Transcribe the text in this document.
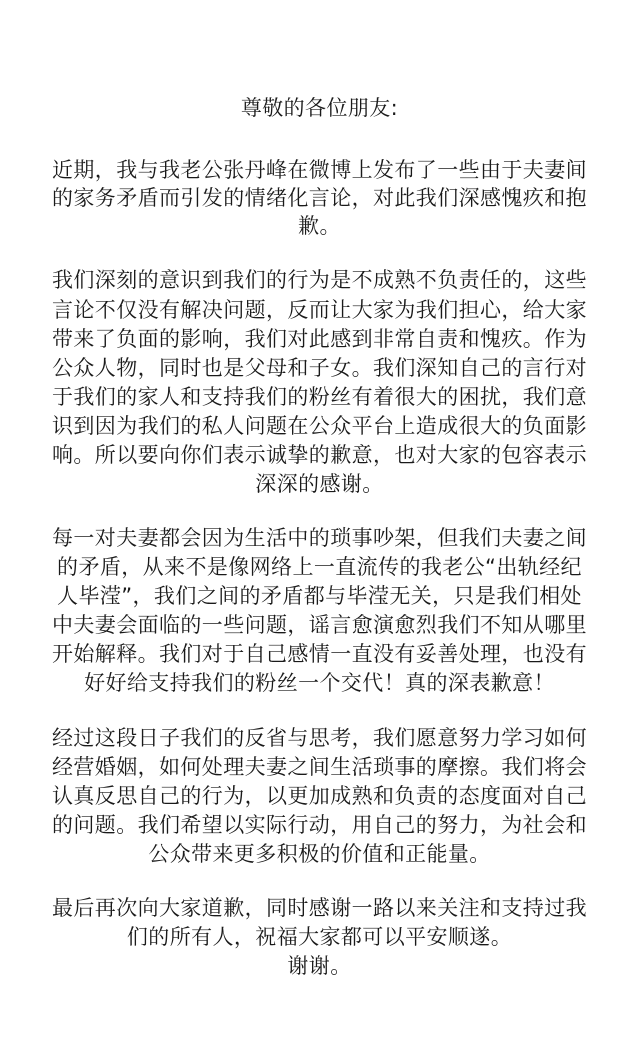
尊敬的各位朋友:
近期，我与我老公张丹峰在微博上发布了一些由于夫妻间
的家务矛盾而引发的情绪化言论，对此我们深感愧疚和抱
歉。
我们深刻的意识到我们的行为是不成熟不负责任的，这些
言论不仅没有解决问题，反而让大家为我们担心，给大家
带来了负面的影响，我们对此感到非常自责和愧疚。作为
公众人物，同时也是父母和子女。我们深知自己的言行对
于我们的家人和支持我们的粉丝有着很大的困扰，我们意
识到因为我们的私人问题在公众平台上造成很大的负面影
响。所以要向你们表示诚挚的歉意，也对大家的包容表示
深深的感谢。
每一对夫妻都会因为生活中的琐事吵架，但我们夫妻之间
的矛盾，从来不是像网络上一直流传的我老公“出轨经纪
人毕滢”，我们之间的矛盾都与毕滢无关，只是我们相处
中夫妻会面临的一些问题，谣言愈演愈烈我们不知从哪里
开始解释。我们对于自己感情一直没有妥善处理，也没有
好好给支持我们的粉丝一个交代！真的深表歉意！
经过这段日子我们的反省与思考，我们愿意努力学习如何
经营婚姻，如何处理夫妻之间生活琐事的摩擦。我们将会
认真反思自己的行为，以更加成熟和负责的态度面对自己
的问题。我们希望以实际行动，用自己的努力，为社会和
公众带来更多积极的价值和正能量。
最后再次向大家道歉，同时感谢一路以来关注和支持过我
们的所有人，祝福大家都可以平安顺遂。
谢谢。
